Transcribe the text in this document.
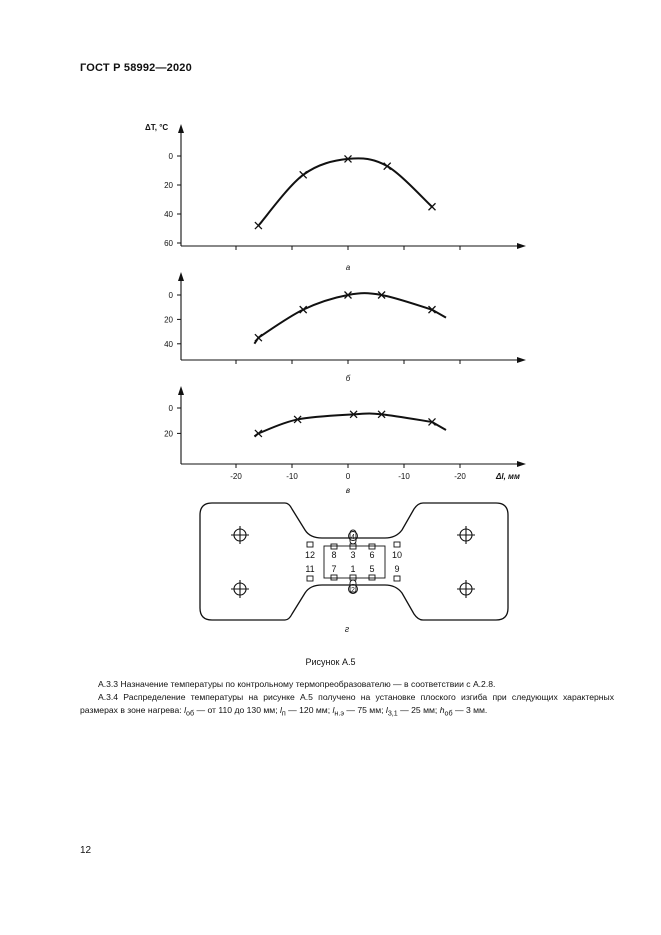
ГОСТ Р 58992—2020
0
20
40
60
a
0
20
40
б
0
20
в
ΔT, °C
-20	-10	0	-10	-20	Δl, мм
12 8 3 6 10
11 7 1 5 9
4
2
г
Рисунок А.5
А.3.3 Назначение температуры по контрольному термопреобразователю — в соответствии с А.2.8.
А.3.4 Распределение температуры на рисунке А.5 получено на установке плоского изгиба при следующих характерных размерах в зоне нагрева: $l_{об}$ — от 110 до 130 мм; $l_п$ — 120 мм; $l_{н.э}$ — 75 мм; $l_{3,1}$ — 25 мм; $h_{об}$ — 3 мм.
12
